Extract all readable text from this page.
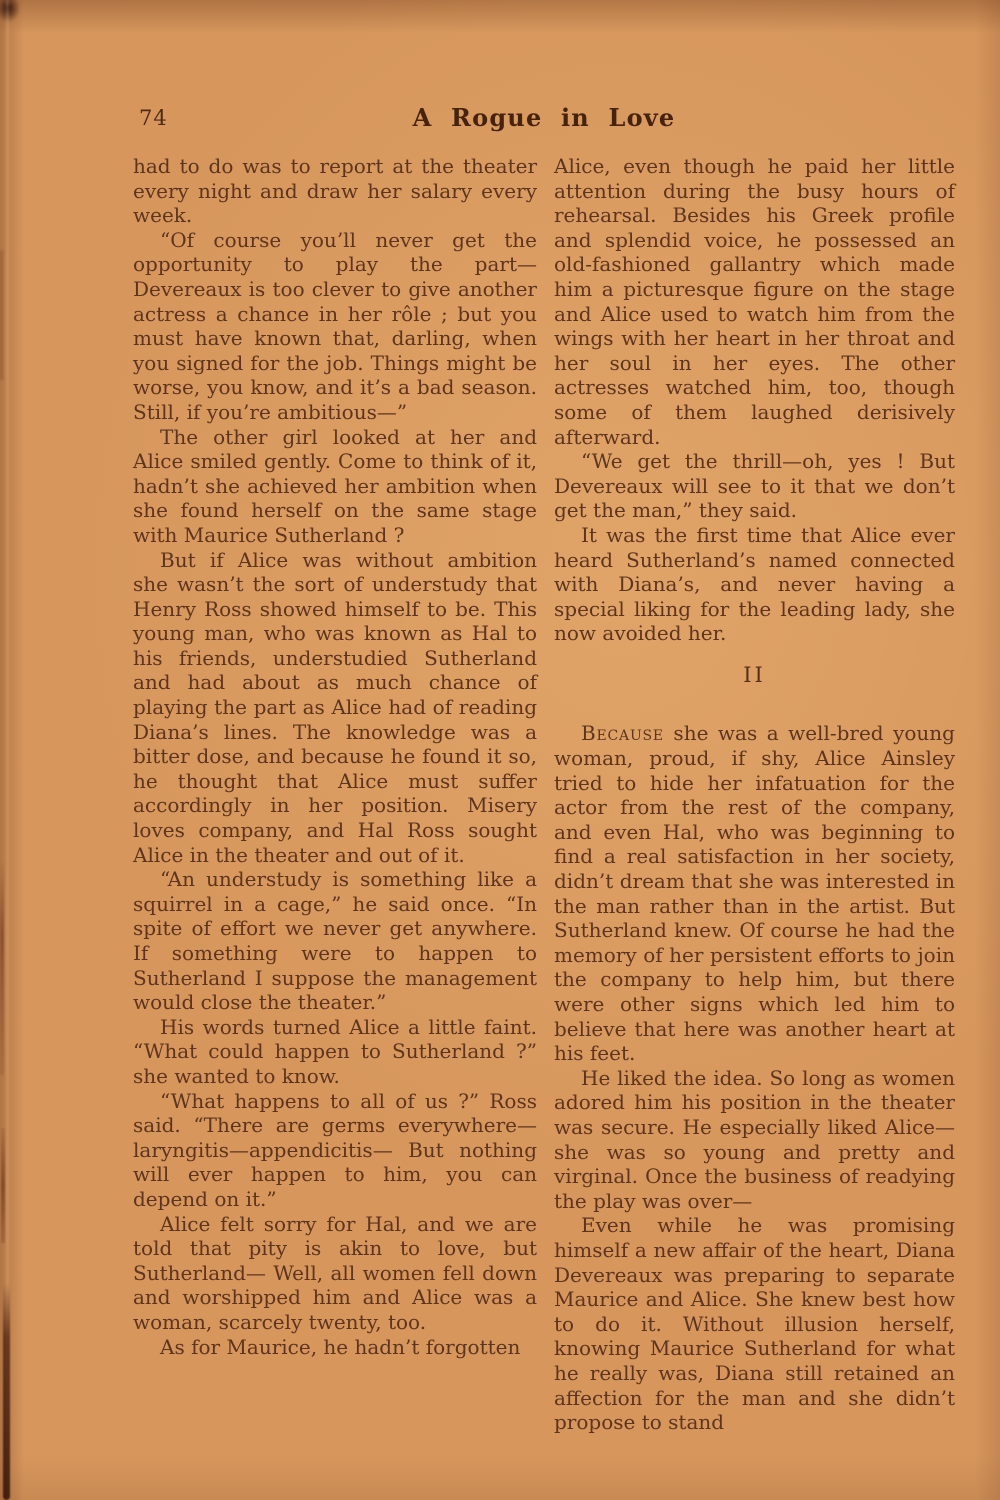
74	A Rogue in Love

had to do was to report at the theater every night and draw her salary every week.

“Of course you’ll never get the opportunity to play the part—Devereaux is too clever to give another actress a chance in her rôle ; but you must have known that, darling, when you signed for the job. Things might be worse, you know, and it’s a bad season. Still, if you’re ambitious—”

The other girl looked at her and Alice smiled gently. Come to think of it, hadn’t she achieved her ambition when she found herself on the same stage with Maurice Sutherland ?

But if Alice was without ambition she wasn’t the sort of understudy that Henry Ross showed himself to be. This young man, who was known as Hal to his friends, understudied Sutherland and had about as much chance of playing the part as Alice had of reading Diana’s lines. The knowledge was a bitter dose, and because he found it so, he thought that Alice must suffer accordingly in her position. Misery loves company, and Hal Ross sought Alice in the theater and out of it.

“An understudy is something like a squirrel in a cage,” he said once. “In spite of effort we never get anywhere. If something were to happen to Sutherland I suppose the management would close the theater.”

His words turned Alice a little faint. “What could happen to Sutherland ?” she wanted to know.

“What happens to all of us ?” Ross said. “There are germs everywhere—laryngitis—appendicitis— But nothing will ever happen to him, you can depend on it.”

Alice felt sorry for Hal, and we are told that pity is akin to love, but Sutherland— Well, all women fell down and worshipped him and Alice was a woman, scarcely twenty, too.

As for Maurice, he hadn’t forgotten

Alice, even though he paid her little attention during the busy hours of rehearsal. Besides his Greek profile and splendid voice, he possessed an old-fashioned gallantry which made him a picturesque figure on the stage and Alice used to watch him from the wings with her heart in her throat and her soul in her eyes. The other actresses watched him, too, though some of them laughed derisively afterward.

“We get the thrill—oh, yes ! But Devereaux will see to it that we don’t get the man,” they said.

It was the first time that Alice ever heard Sutherland’s named connected with Diana’s, and never having a special liking for the leading lady, she now avoided her.

II

Because she was a well-bred young woman, proud, if shy, Alice Ainsley tried to hide her infatuation for the actor from the rest of the company, and even Hal, who was beginning to find a real satisfaction in her society, didn’t dream that she was interested in the man rather than in the artist. But Sutherland knew. Of course he had the memory of her persistent efforts to join the company to help him, but there were other signs which led him to believe that here was another heart at his feet.

He liked the idea. So long as women adored him his position in the theater was secure. He especially liked Alice—she was so young and pretty and virginal. Once the business of readying the play was over—

Even while he was promising himself a new affair of the heart, Diana Devereaux was preparing to separate Maurice and Alice. She knew best how to do it. Without illusion herself, knowing Maurice Sutherland for what he really was, Diana still retained an affection for the man and she didn’t propose to stand
